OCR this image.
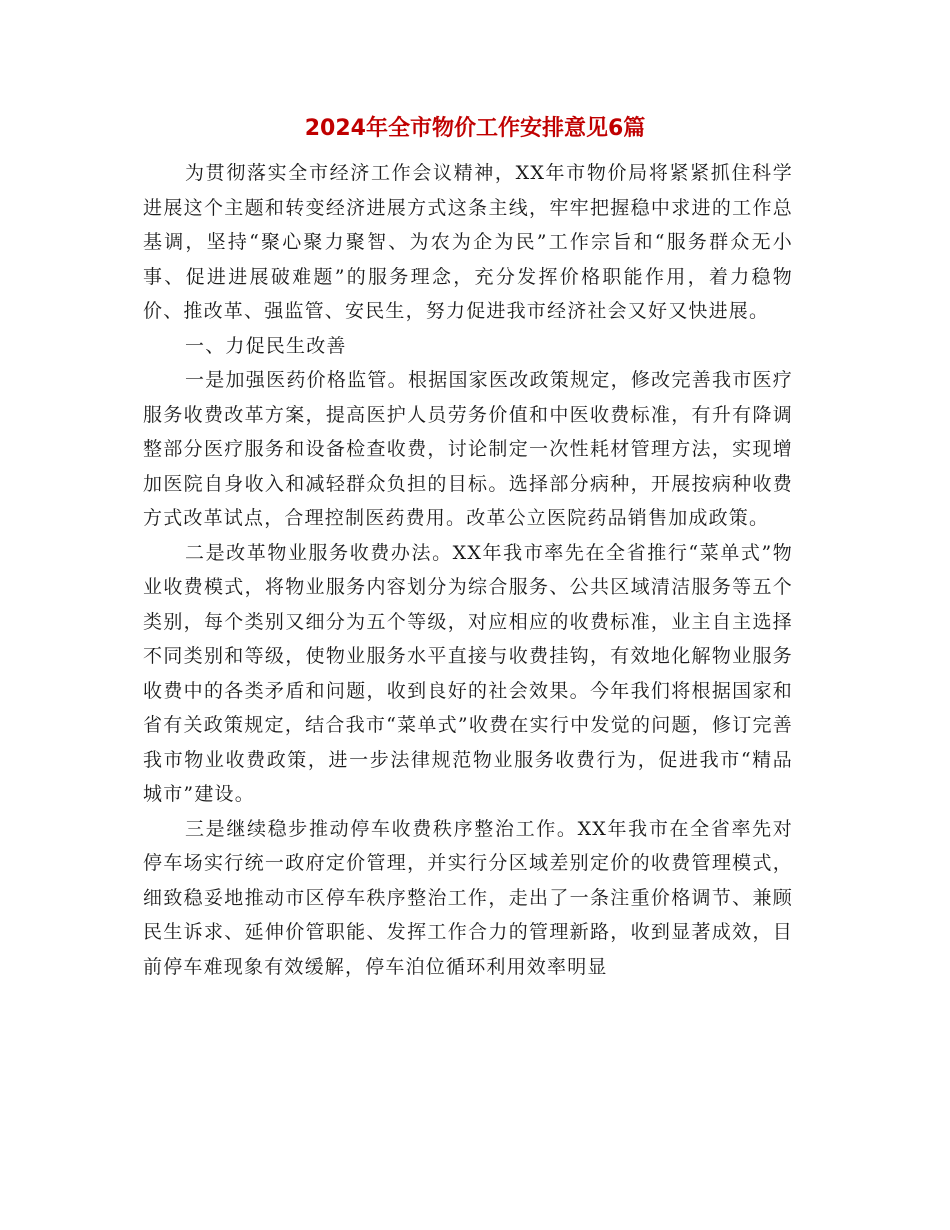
2024年全市物价工作安排意见6篇

为贯彻落实全市经济工作会议精神，XX年市物价局将紧紧抓住科学进展这个主题和转变经济进展方式这条主线，牢牢把握稳中求进的工作总基调，坚持“聚心聚力聚智、为农为企为民”工作宗旨和“服务群众无小事、促进进展破难题”的服务理念，充分发挥价格职能作用，着力稳物价、推改革、强监管、安民生，努力促进我市经济社会又好又快进展。

一、力促民生改善

一是加强医药价格监管。根据国家医改政策规定，修改完善我市医疗服务收费改革方案，提高医护人员劳务价值和中医收费标准，有升有降调整部分医疗服务和设备检查收费，讨论制定一次性耗材管理方法，实现增加医院自身收入和减轻群众负担的目标。选择部分病种，开展按病种收费方式改革试点，合理控制医药费用。改革公立医院药品销售加成政策。

二是改革物业服务收费办法。XX年我市率先在全省推行“菜单式”物业收费模式，将物业服务内容划分为综合服务、公共区域清洁服务等五个类别，每个类别又细分为五个等级，对应相应的收费标准，业主自主选择不同类别和等级，使物业服务水平直接与收费挂钩，有效地化解物业服务收费中的各类矛盾和问题，收到良好的社会效果。今年我们将根据国家和省有关政策规定，结合我市“菜单式”收费在实行中发觉的问题，修订完善我市物业收费政策，进一步法律规范物业服务收费行为，促进我市“精品城市”建设。

三是继续稳步推动停车收费秩序整治工作。XX年我市在全省率先对停车场实行统一政府定价管理，并实行分区域差别定价的收费管理模式，细致稳妥地推动市区停车秩序整治工作，走出了一条注重价格调节、兼顾民生诉求、延伸价管职能、发挥工作合力的管理新路，收到显著成效，目前停车难现象有效缓解，停车泊位循环利用效率明显
